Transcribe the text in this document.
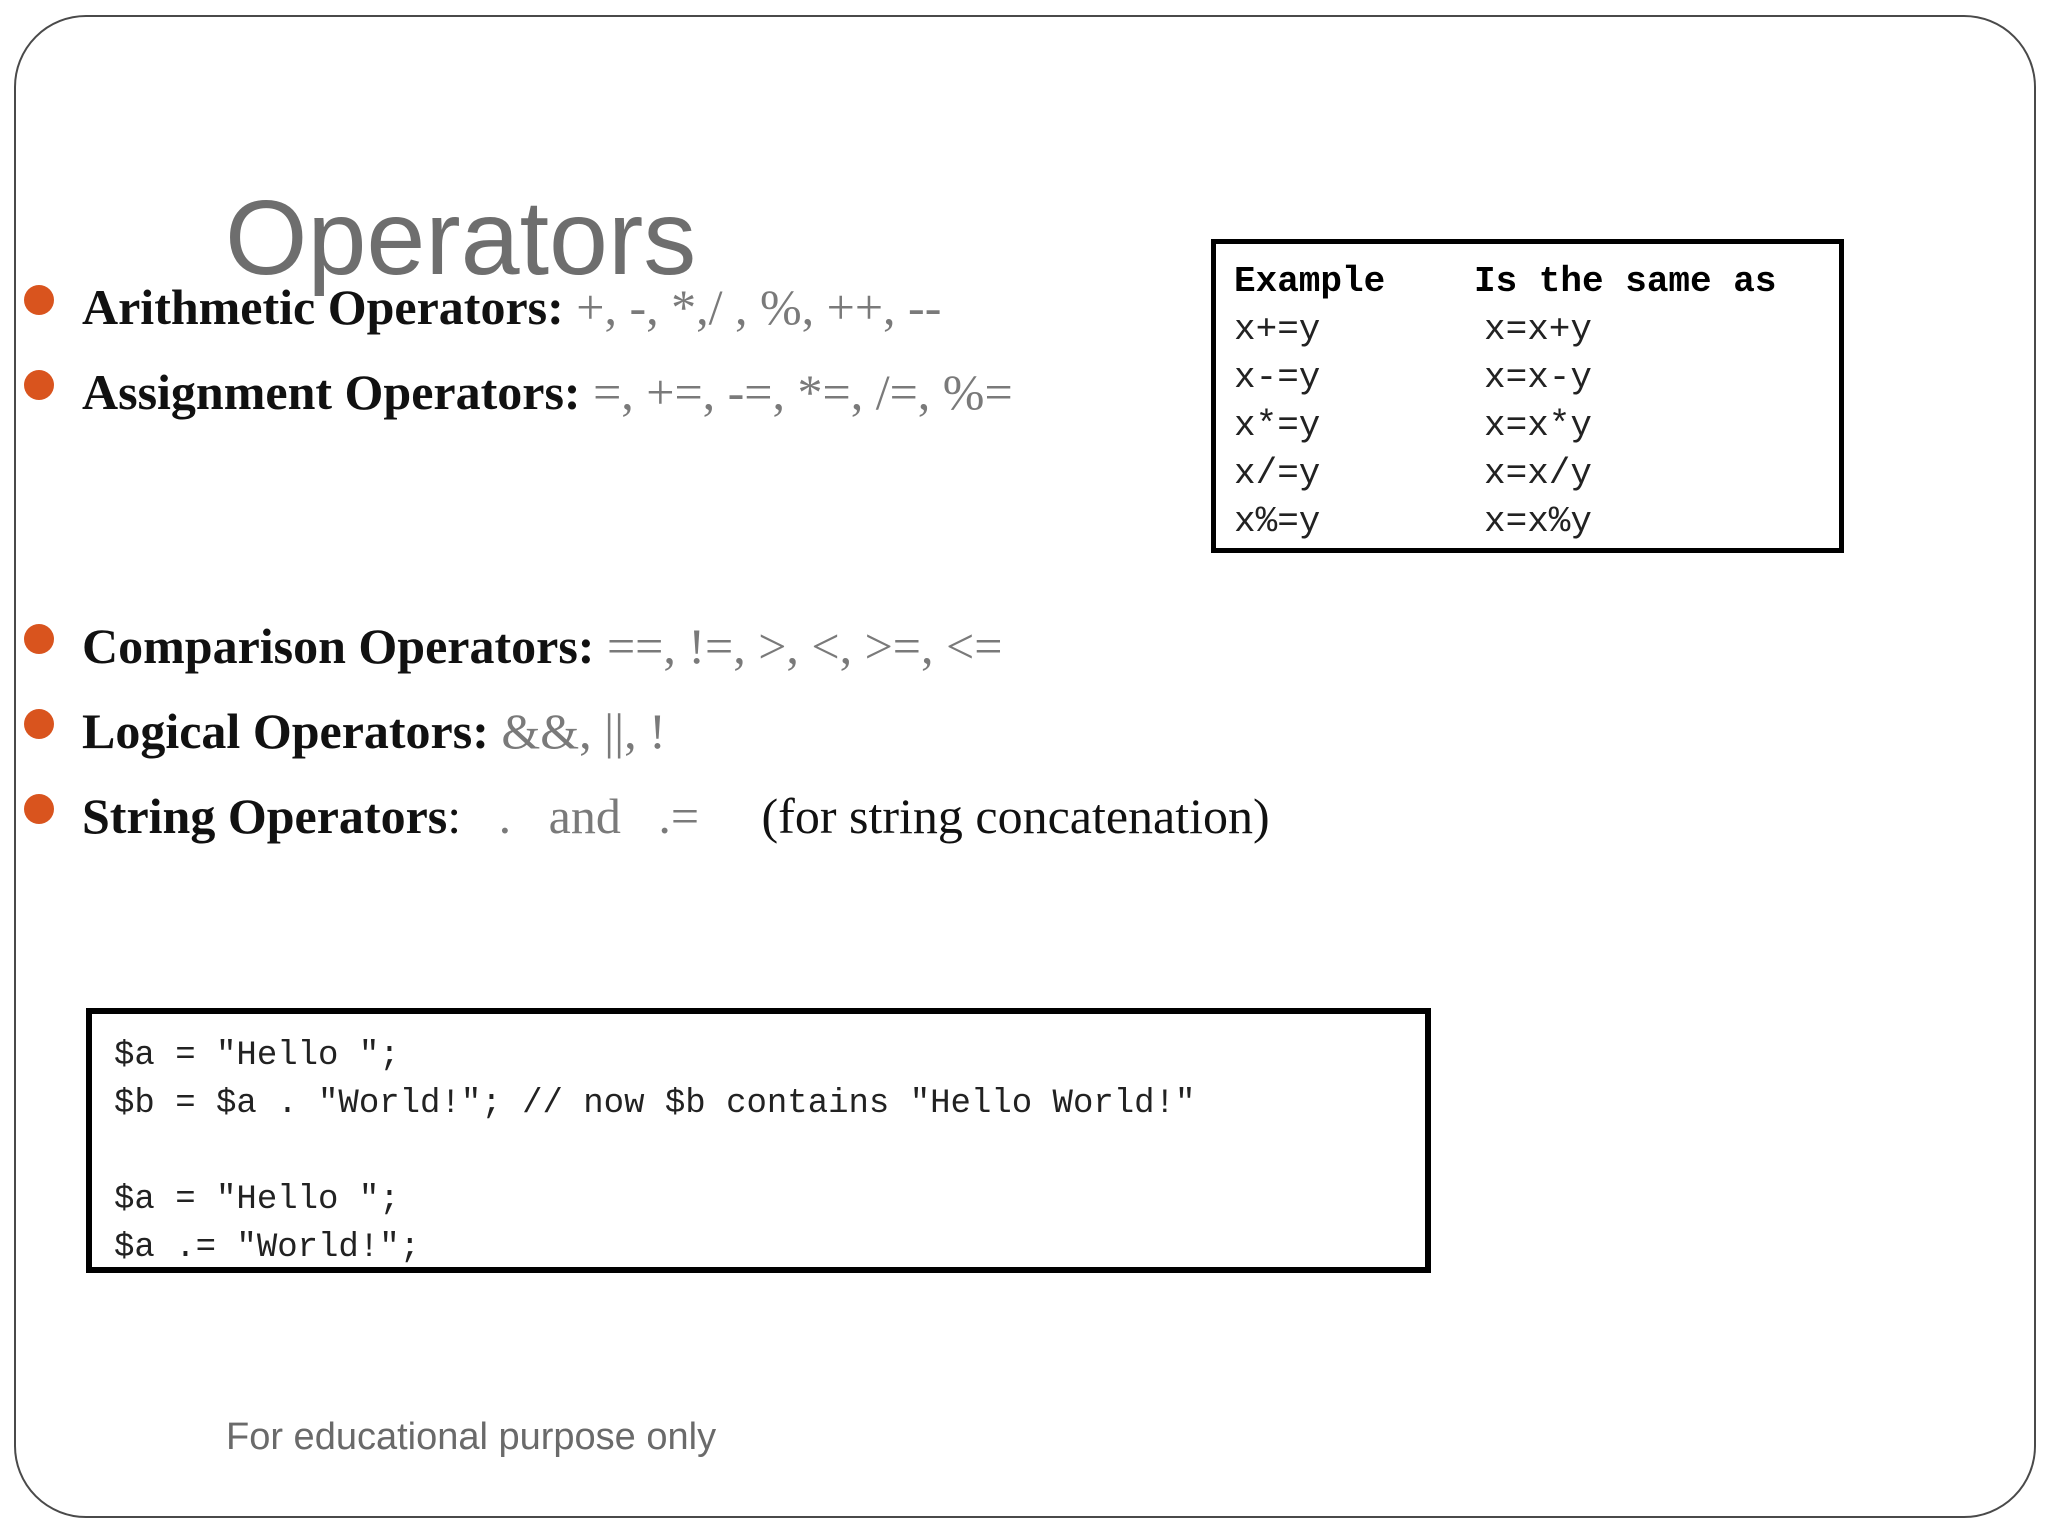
Operators
Arithmetic Operators: +, -, *,/ , %, ++, --
Assignment Operators: =, +=, -=, *=, /=, %=
Example Is the same as
x+=y	x=x+y
x-=y	x=x-y
x*=y	x=x*y
x/=y	x=x/y
x%=y	x=x%y
Comparison Operators: ==, !=, >, <, >=, <=
Logical Operators: &&, ||, !
String Operators:   .   and   .=     (for string concatenation)
$a = "Hello ";
$b = $a . "World!"; // now $b contains "Hello World!"
$a = "Hello ";
$a .= "World!";
For educational purpose only
